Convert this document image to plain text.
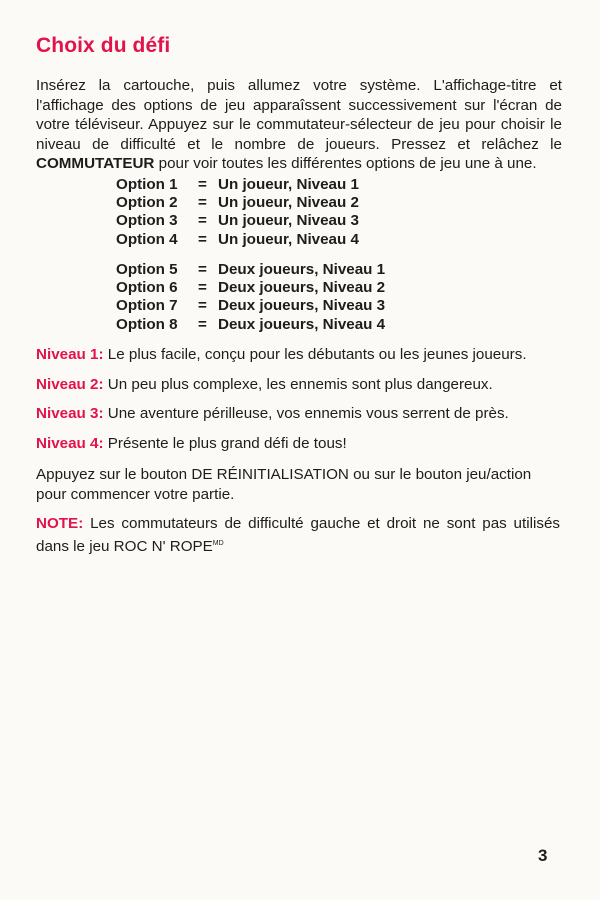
Choix du défi

Insérez la cartouche, puis allumez votre système. L'affichage-titre et l'affichage des options de jeu apparaîssent successivement sur l'écran de votre téléviseur. Appuyez sur le commutateur-sélecteur de jeu pour choisir le niveau de difficulté et le nombre de joueurs. Pressez et relâchez le COMMUTATEUR pour voir toutes les différentes options de jeu une à une.

Option 1	= Un joueur, Niveau 1
Option 2	= Un joueur, Niveau 2
Option 3	= Un joueur, Niveau 3
Option 4	= Un joueur, Niveau 4
Option 5	= Deux joueurs, Niveau 1
Option 6	= Deux joueurs, Niveau 2
Option 7	= Deux joueurs, Niveau 3
Option 8	= Deux joueurs, Niveau 4

Niveau 1: Le plus facile, conçu pour les débutants ou les jeunes joueurs.

Niveau 2: Un peu plus complexe, les ennemis sont plus dangereux.

Niveau 3: Une aventure périlleuse, vos ennemis vous serrent de près.

Niveau 4: Présente le plus grand défi de tous!

Appuyez sur le bouton DE RÉINITIALISATION ou sur le bouton jeu/action pour commencer votre partie.

NOTE: Les commutateurs de difficulté gauche et droit ne sont pas utilisés dans le jeu ROC N' $ROPE^{MD}$

3
